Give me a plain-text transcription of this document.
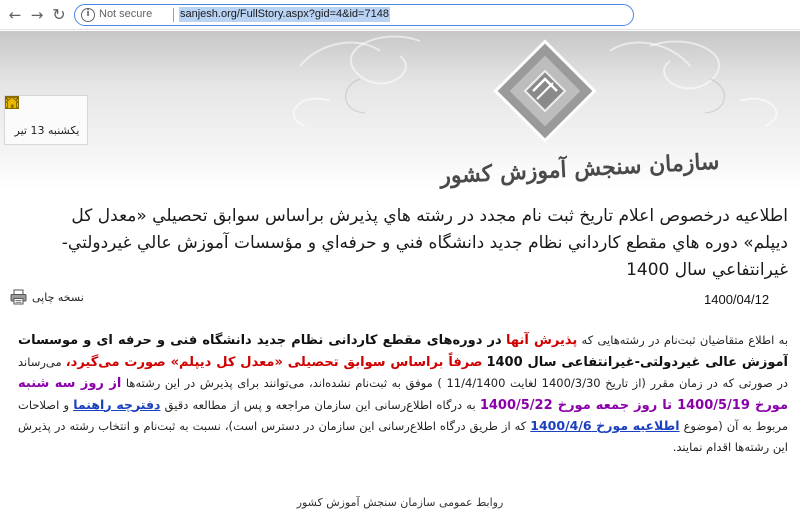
← → ↻	i Not secure	sanjesh.org/FullStory.aspx?gid=4&id=7148
يكشنبه 13 تير
سازمان سنجش آموزش كشور
اطلاعيه درخصوص اعلام تاريخ ثبت نام مجدد در رشته هاي پذيرش براساس سوابق تحصيلي «معدل كل ديپلم» دوره هاي مقطع كارداني نظام جديد دانشگاه فني و حرفه‌اي و مؤسسات آموزش عالي غيردولتي- غيرانتفاعي سال 1400
نسخه چاپی	1400/04/12
به اطلاع متقاضیان ثبت‌نام در رشته‌هایی که پذیرش آنها در دوره‌های مقطع کاردانی نظام جدید دانشگاه فنی و حرفه ای و موسسات آموزش عالی غیردولتی-غیرانتفاعی سال 1400 صرفاً براساس سوابق تحصیلی «معدل کل دیپلم» صورت می‌گیرد، می‌رساند در صورتی که در زمان مقرر (از تاریخ 1400/3/30 لغایت 11/4/1400 ) موفق به ثبت‌نام نشده‌اند، می‌توانند برای پذیرش در این رشته‌ها از روز سه شنبه مورخ 1400/5/19 تا روز جمعه مورخ 1400/5/22 به درگاه اطلاع‌رسانی این سازمان مراجعه و پس از مطالعه دقیق دفترچه راهنما و اصلاحات مربوط به آن (موضوع اطلاعیه مورخ 1400/4/6 که از طریق درگاه اطلاع‌رسانی این سازمان در دسترس است)، نسبت به ثبت‌نام و انتخاب رشته در پذیرش این رشته‌ها اقدام نمایند.
روابط عمومی سازمان سنجش آموزش کشور
